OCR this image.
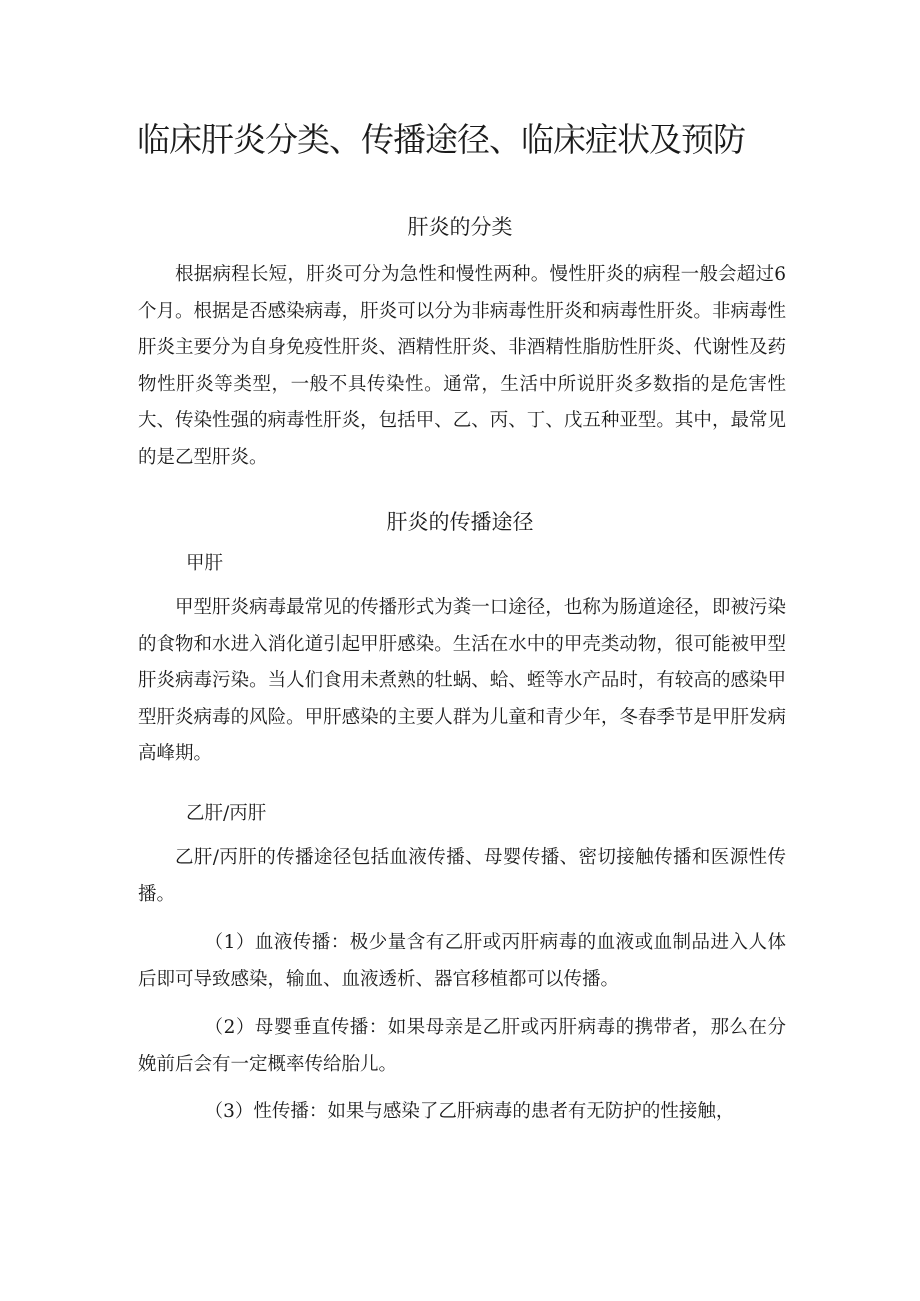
临床肝炎分类、传播途径、临床症状及预防
肝炎的分类

根据病程长短，肝炎可分为急性和慢性两种。慢性肝炎的病程一般会超过6个月。根据是否感染病毒，肝炎可以分为非病毒性肝炎和病毒性肝炎。非病毒性肝炎主要分为自身免疫性肝炎、酒精性肝炎、非酒精性脂肪性肝炎、代谢性及药物性肝炎等类型，一般不具传染性。通常，生活中所说肝炎多数指的是危害性大、传染性强的病毒性肝炎，包括甲、乙、丙、丁、戊五种亚型。其中，最常见的是乙型肝炎。

肝炎的传播途径

甲肝

甲型肝炎病毒最常见的传播形式为粪一口途径，也称为肠道途径，即被污染的食物和水进入消化道引起甲肝感染。生活在水中的甲壳类动物，很可能被甲型肝炎病毒污染。当人们食用未煮熟的牡蜗、蛤、蛭等水产品时，有较高的感染甲型肝炎病毒的风险。甲肝感染的主要人群为儿童和青少年，冬春季节是甲肝发病高峰期。

乙肝/丙肝

乙肝/丙肝的传播途径包括血液传播、母婴传播、密切接触传播和医源性传播。

（1）血液传播：极少量含有乙肝或丙肝病毒的血液或血制品进入人体后即可导致感染，输血、血液透析、器官移植都可以传播。

（2）母婴垂直传播：如果母亲是乙肝或丙肝病毒的携带者，那么在分娩前后会有一定概率传给胎儿。

（3）性传播：如果与感染了乙肝病毒的患者有无防护的性接触，
